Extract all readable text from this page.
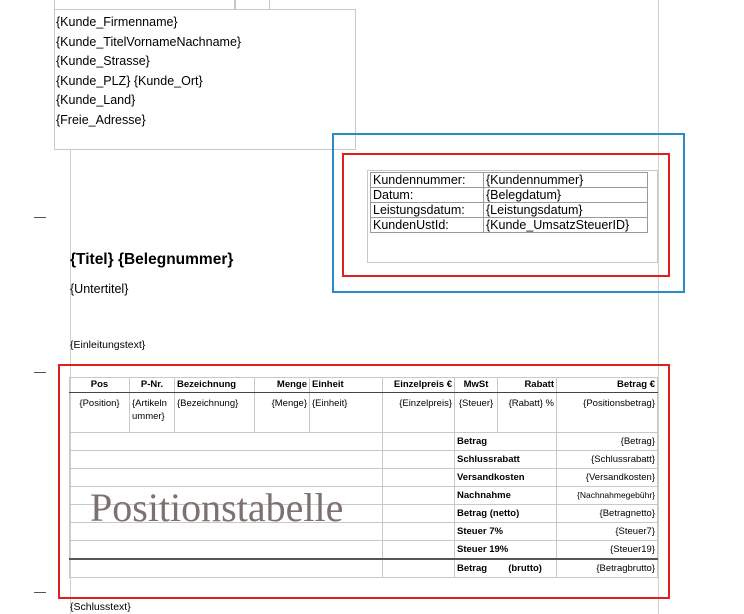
{Kunde_Firmenname}
{Kunde_TitelVornameNachname}
{Kunde_Strasse}
{Kunde_PLZ} {Kunde_Ort}
{Kunde_Land}
{Freie_Adresse}
Kundennummer:	{Kundennummer}
Datum:	{Belegdatum}
Leistungsdatum:	{Leistungsdatum}
KundenUstId:	{Kunde_UmsatzSteuerID}
{Titel} {Belegnummer}
{Untertitel}
{Einleitungstext}
Pos	P-Nr.	Bezeichnung	Menge	Einheit	Einzelpreis €	MwSt	Rabatt	Betrag €
{Position}	{Artikelnummer}	{Bezeichnung}	{Menge}	{Einheit}	{Einzelpreis}	{Steuer}	{Rabatt} %	{Positionsbetrag}
						Betrag		{Betrag}
						Schlussrabatt		{Schlussrabatt}
						Versandkosten		{Versandkosten}
						Nachnahme		{Nachnahmegebühr}
						Betrag (netto)		{Betragnetto}
						Steuer 7%		{Steuer7}
						Steuer 19%		{Steuer19}
						Betrag        (brutto)		{Betragbrutto}
Positionstabelle
{Schlusstext}
